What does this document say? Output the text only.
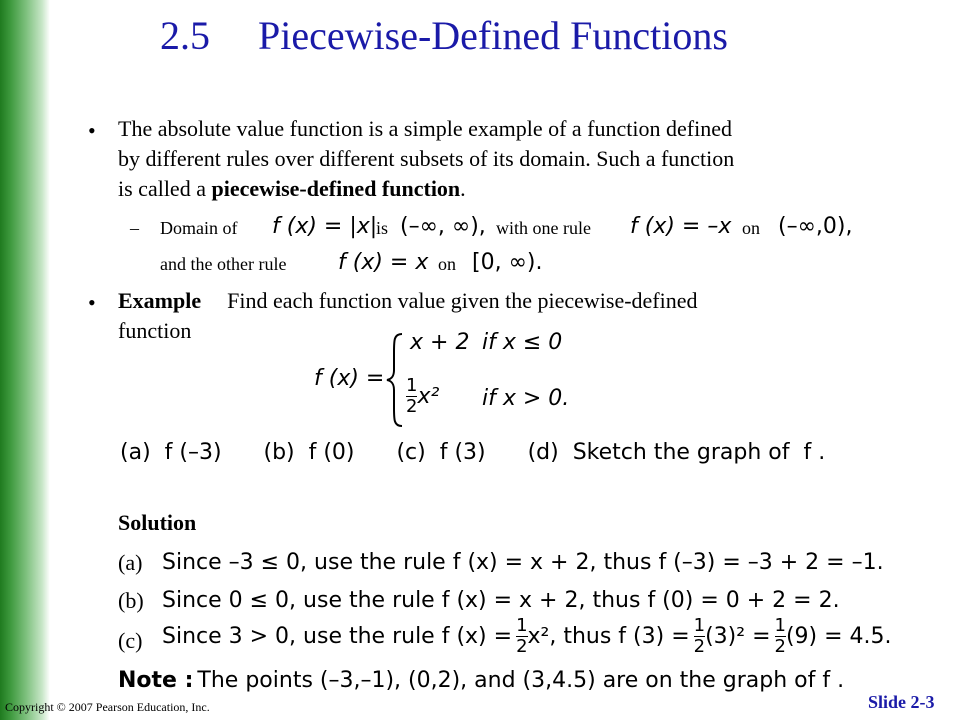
2.5 Piecewise-Defined Functions
• The absolute value function is a simple example of a function defined
by different rules over different subsets of its domain. Such a function
is called a piecewise-defined function.
– Domain of f (x) = |x|
is (–∞, ∞), with one rule f (x) = –x on (–∞,0),
and the other rule f (x) = x on [0, ∞).
• Example Find each function value given the piecewise-defined
function
f (x) =
x + 2 if x ≤ 0
$\frac{1}{2} x^2$ if x > 0.
(a)  f (–3)      (b)  f (0)      (c)  f (3)      (d)  Sketch the graph of  f .
Solution
(a) Since –3 ≤ 0, use the rule f (x) = x + 2, thus f (–3) = –3 + 2 = –1.
(b) Since 0 ≤ 0, use the rule f (x) = x + 2, thus f (0) = 0 + 2 = 2.
(c) Since 3 > 0, use the rule f $(x) = \frac{1}{2} x^2$, thus f $(3) = \frac{1}{2} (3)^2 = \frac{1}{2} (9) = 4.5$.
Note : The points (–3,–1), (0,2), and (3,4.5) are on the graph of f .
Copyright © 2007 Pearson Education, Inc.	Slide 2-3
